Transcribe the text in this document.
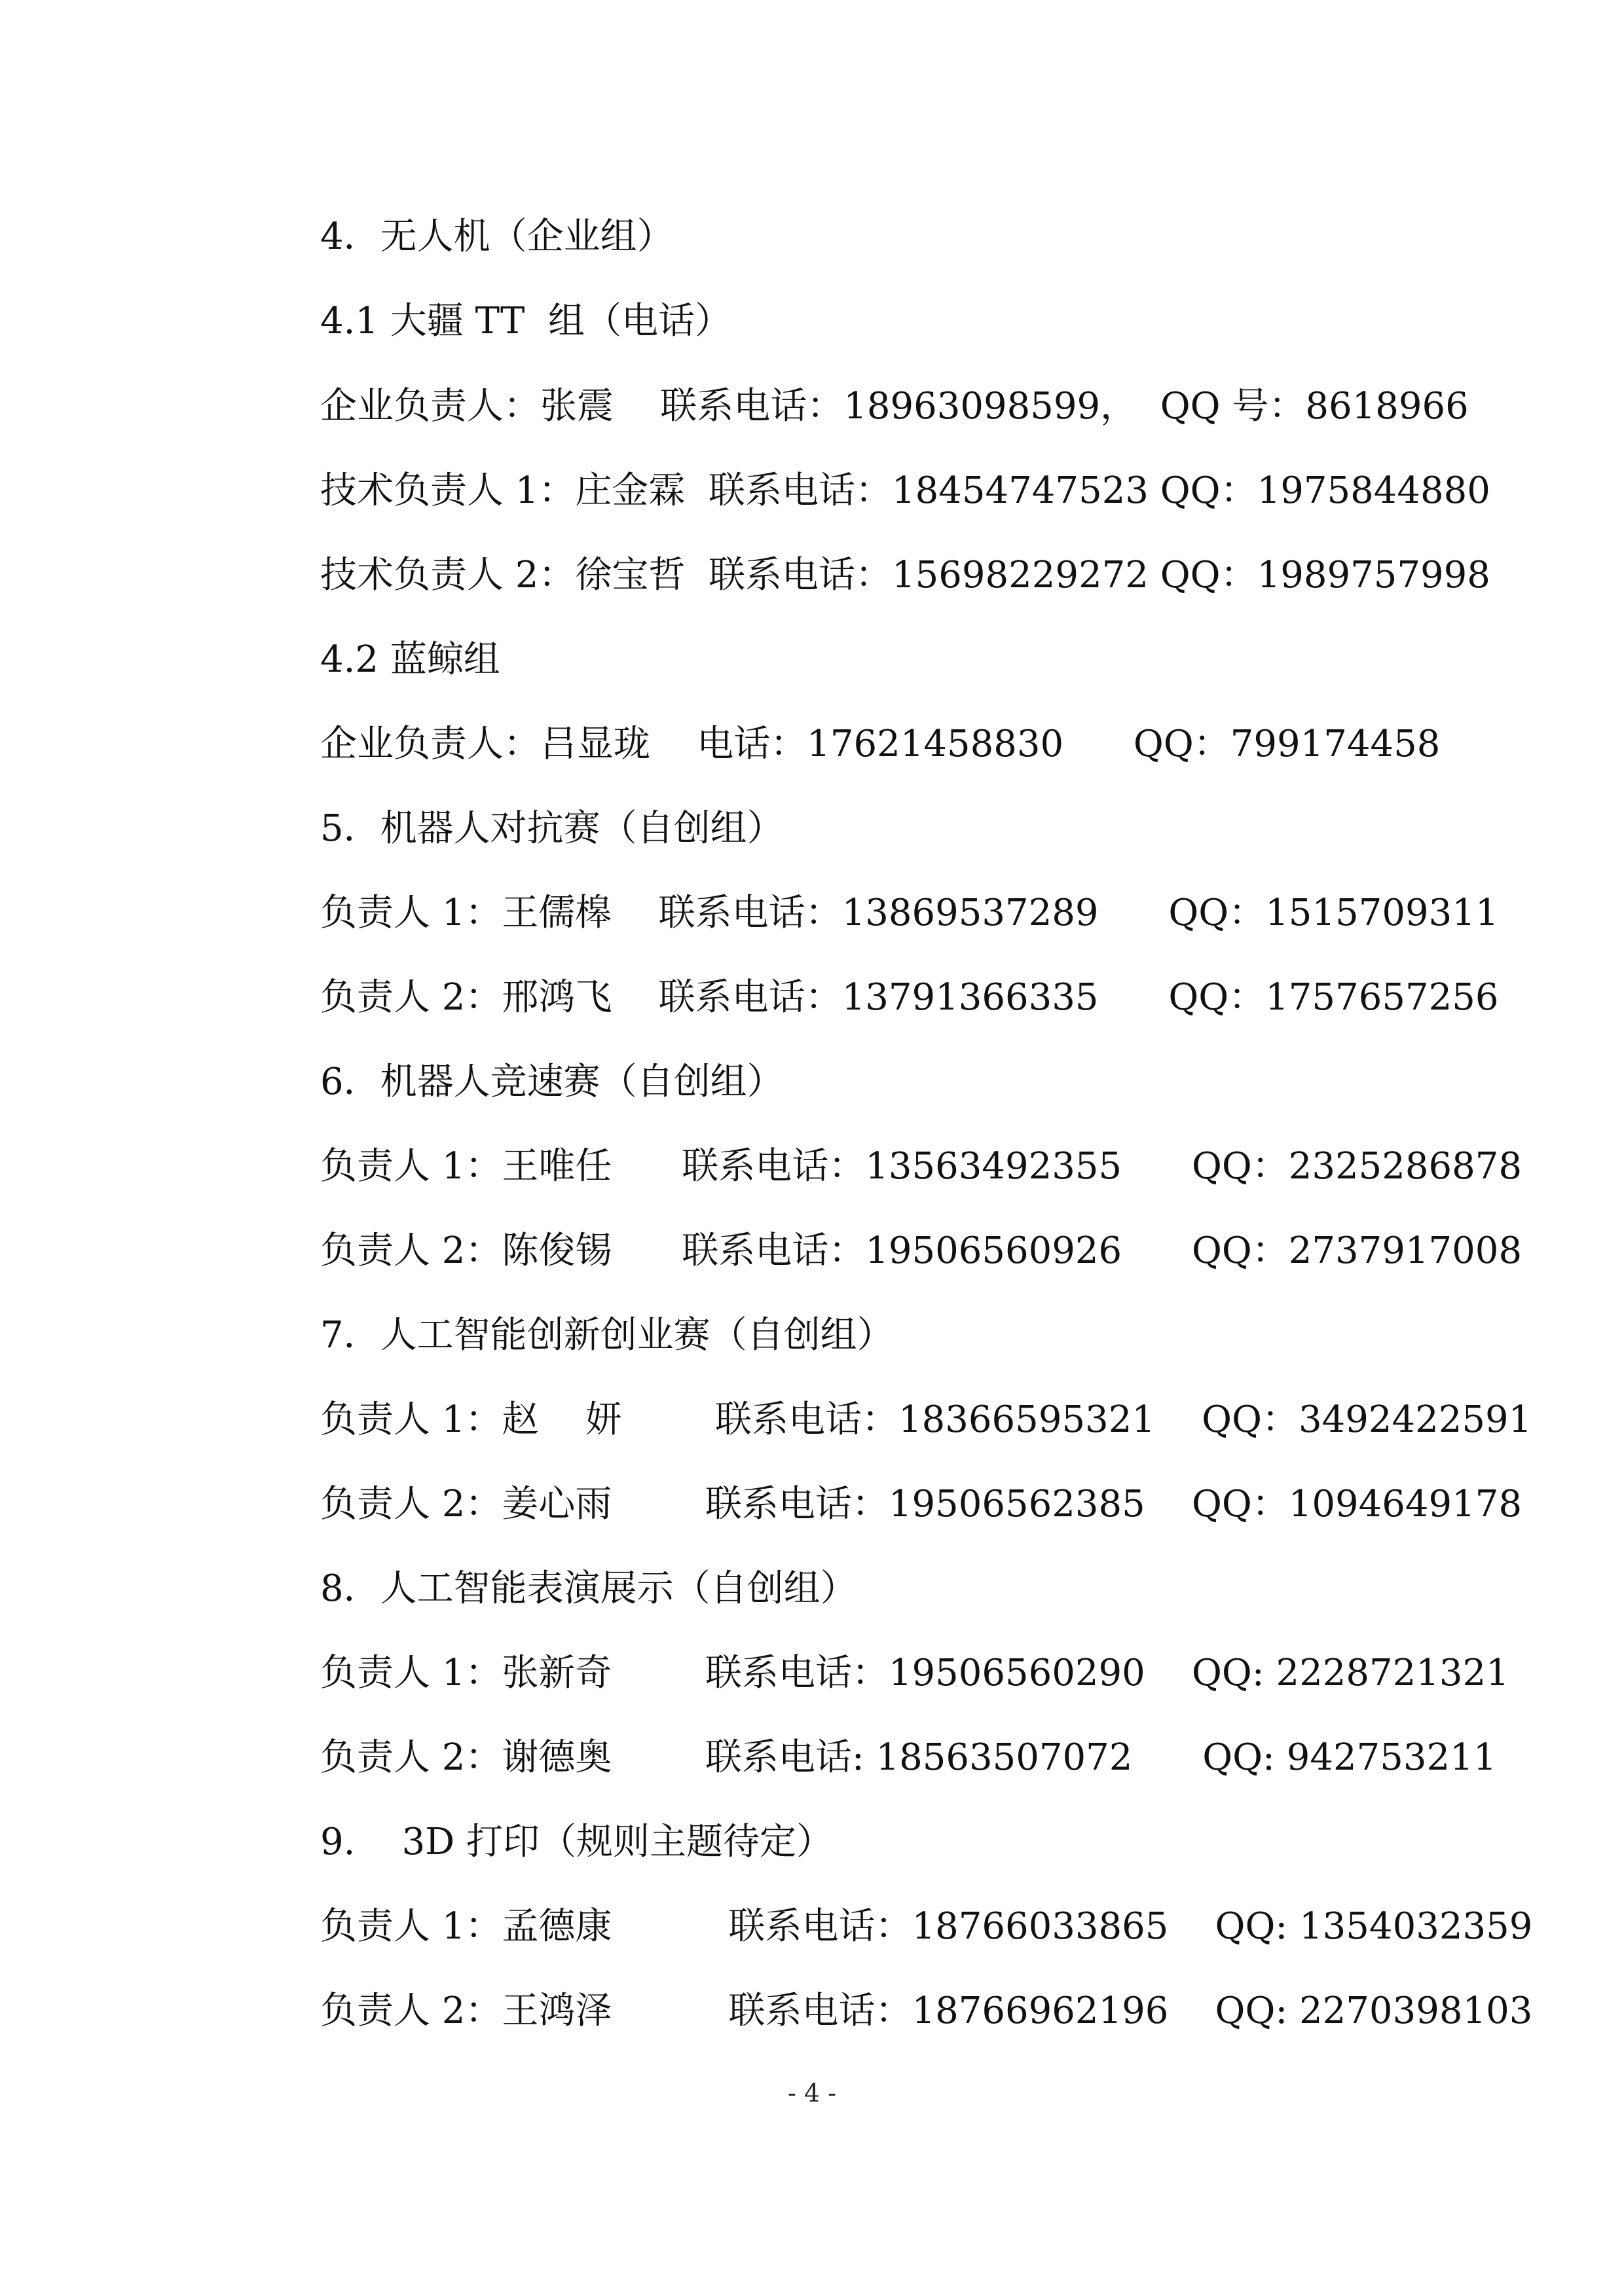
4．无人机（企业组）
4.1 大疆 TT  组（电话）
企业负责人：张震    联系电话：18963098599，  QQ 号：8618966
技术负责人 1：庄金霖  联系电话：18454747523 QQ：1975844880
技术负责人 2：徐宝哲  联系电话：15698229272 QQ：1989757998
4.2 蓝鲸组
企业负责人：吕显珑    电话：17621458830      QQ：799174458
5．机器人对抗赛（自创组）
负责人 1：王儒槔    联系电话：13869537289      QQ：1515709311
负责人 2：邢鸿飞    联系电话：13791366335      QQ：1757657256
6．机器人竞速赛（自创组）
负责人 1：王唯任      联系电话：13563492355      QQ：2325286878
负责人 2：陈俊锡      联系电话：19506560926      QQ：2737917008
7．人工智能创新创业赛（自创组）
负责人 1：赵    妍        联系电话：18366595321    QQ：3492422591
负责人 2：姜心雨        联系电话：19506562385    QQ：1094649178
8．人工智能表演展示（自创组）
负责人 1：张新奇        联系电话：19506560290    QQ: 2228721321
负责人 2：谢德奥        联系电话: 18563507072      QQ: 942753211
9.    3D 打印（规则主题待定）
负责人 1：孟德康          联系电话：18766033865    QQ: 1354032359
负责人 2：王鸿泽          联系电话：18766962196    QQ: 2270398103
- 4 -
